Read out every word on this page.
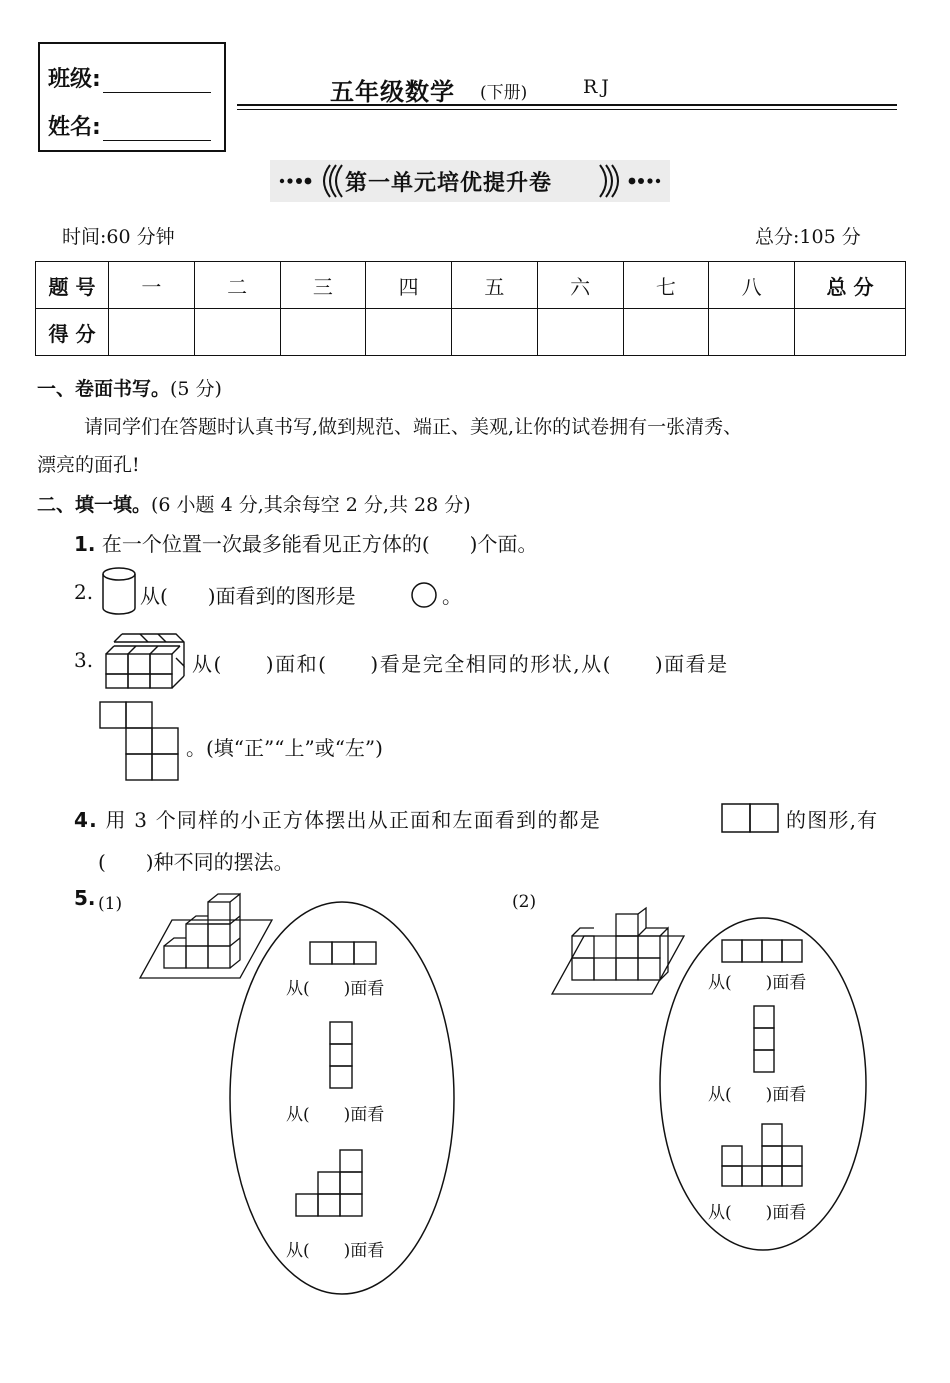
班级:
姓名:
五年级数学 (下册)	RJ
第一单元培优提升卷
时间:60 分钟	总分:105 分
题 号	一	二	三	四	五	六	七	八	总 分
得 分									
一、卷面书写。(5 分)
请同学们在答题时认真书写,做到规范、端正、美观,让你的试卷拥有一张清秀、
漂亮的面孔!
二、填一填。(6 小题 4 分,其余每空 2 分,共 28 分)
1. 在一个位置一次最多能看见正方体的(　　)个面。
2. 从(　　)面看到的图形是	。
3.	从(　　)面和(　　)看是完全相同的形状,从(　　)面看是
。(填“正”“上”或“左”)
4. 用 3 个同样的小正方体摆出从正面和左面看到的都是	的图形,有
(　　)种不同的摆法。
5. (1)	(2)
从(　　)面看
从(　　)面看
从(　　)面看
从(　　)面看
从(　　)面看
从(　　)面看
